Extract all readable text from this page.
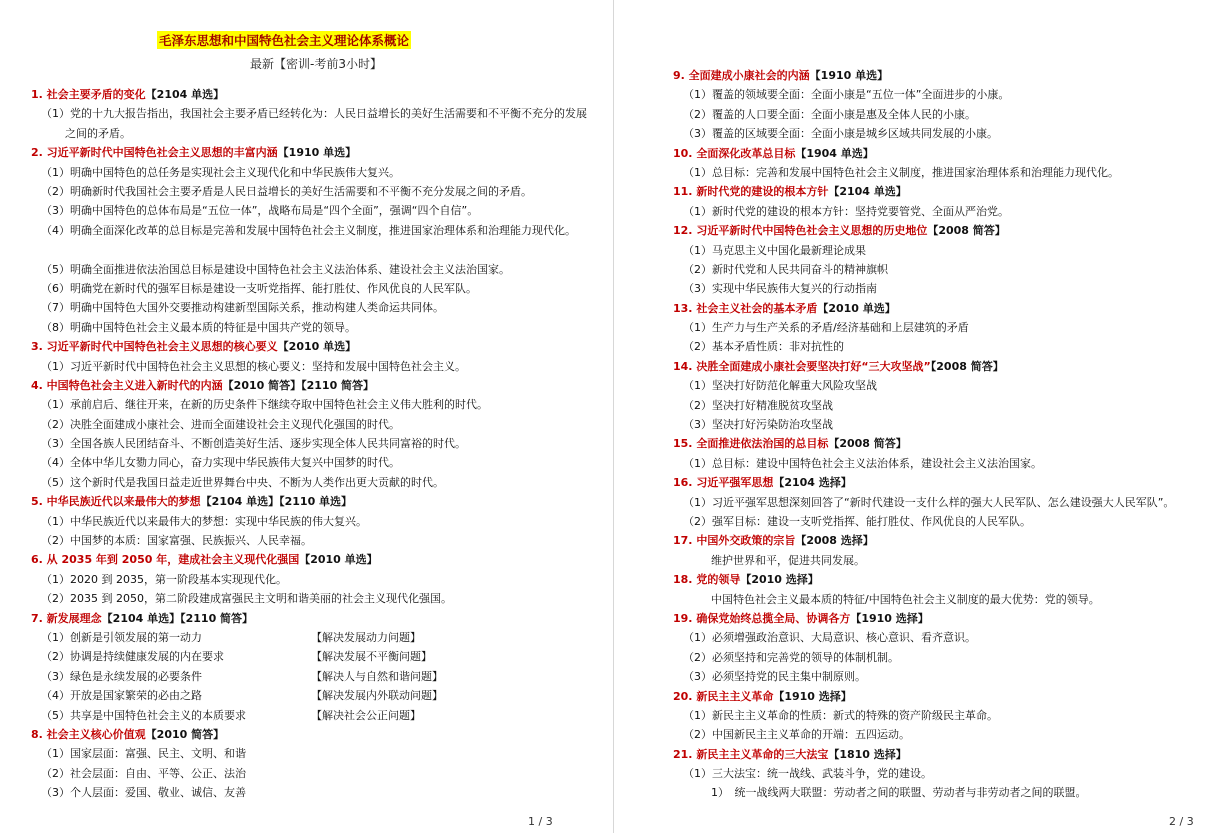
毛泽东思想和中国特色社会主义理论体系概论
最新【密训-考前3小时】
1. 社会主要矛盾的变化【2104 单选】
（1）党的十九大报告指出，我国社会主要矛盾已经转化为：人民日益增长的美好生活需要和不平衡不充分的发展之间的矛盾。
2. 习近平新时代中国特色社会主义思想的丰富内涵【1910 单选】
（1）明确中国特色的总任务是实现社会主义现代化和中华民族伟大复兴。
（2）明确新时代我国社会主要矛盾是人民日益增长的美好生活需要和不平衡不充分发展之间的矛盾。
（3）明确中国特色的总体布局是“五位一体”，战略布局是“四个全面”，强调“四个自信”。
（4）明确全面深化改革的总目标是完善和发展中国特色社会主义制度，推进国家治理体系和治理能力现代化。
（5）明确全面推进依法治国总目标是建设中国特色社会主义法治体系、建设社会主义法治国家。
（6）明确党在新时代的强军目标是建设一支听党指挥、能打胜仗、作风优良的人民军队。
（7）明确中国特色大国外交要推动构建新型国际关系，推动构建人类命运共同体。
（8）明确中国特色社会主义最本质的特征是中国共产党的领导。
3. 习近平新时代中国特色社会主义思想的核心要义【2010 单选】
（1）习近平新时代中国特色社会主义思想的核心要义：坚持和发展中国特色社会主义。
4. 中国特色社会主义进入新时代的内涵【2010 简答】【2110 简答】
（1）承前启后、继往开来，在新的历史条件下继续夺取中国特色社会主义伟大胜利的时代。
（2）决胜全面建成小康社会、进而全面建设社会主义现代化强国的时代。
（3）全国各族人民团结奋斗、不断创造美好生活、逐步实现全体人民共同富裕的时代。
（4）全体中华儿女勠力同心，奋力实现中华民族伟大复兴中国梦的时代。
（5）这个新时代是我国日益走近世界舞台中央、不断为人类作出更大贡献的时代。
5. 中华民族近代以来最伟大的梦想【2104 单选】【2110 单选】
（1）中华民族近代以来最伟大的梦想：实现中华民族的伟大复兴。
（2）中国梦的本质：国家富强、民族振兴、人民幸福。
6. 从 2035 年到 2050 年，建成社会主义现代化强国【2010 单选】
（1）2020 到 2035，第一阶段基本实现现代化。
（2）2035 到 2050，第二阶段建成富强民主文明和谐美丽的社会主义现代化强国。
7. 新发展理念【2104 单选】【2110 简答】
（1）创新是引领发展的第一动力	【解决发展动力问题】
（2）协调是持续健康发展的内在要求	【解决发展不平衡问题】
（3）绿色是永续发展的必要条件	【解决人与自然和谐问题】
（4）开放是国家繁荣的必由之路	【解决发展内外联动问题】
（5）共享是中国特色社会主义的本质要求	【解决社会公正问题】
8. 社会主义核心价值观【2010 简答】
（1）国家层面：富强、民主、文明、和谐
（2）社会层面：自由、平等、公正、法治
（3）个人层面：爱国、敬业、诚信、友善
1 / 3
9. 全面建成小康社会的内涵【1910 单选】
（1）覆盖的领域要全面：全面小康是“五位一体”全面进步的小康。
（2）覆盖的人口要全面：全面小康是惠及全体人民的小康。
（3）覆盖的区域要全面：全面小康是城乡区域共同发展的小康。
10. 全面深化改革总目标【1904 单选】
（1）总目标：完善和发展中国特色社会主义制度，推进国家治理体系和治理能力现代化。
11. 新时代党的建设的根本方针【2104 单选】
（1）新时代党的建设的根本方针：坚持党要管党、全面从严治党。
12. 习近平新时代中国特色社会主义思想的历史地位【2008 简答】
（1）马克思主义中国化最新理论成果
（2）新时代党和人民共同奋斗的精神旗帜
（3）实现中华民族伟大复兴的行动指南
13. 社会主义社会的基本矛盾【2010 单选】
（1）生产力与生产关系的矛盾/经济基础和上层建筑的矛盾
（2）基本矛盾性质：非对抗性的
14. 决胜全面建成小康社会要坚决打好“三大攻坚战”【2008 简答】
（1）坚决打好防范化解重大风险攻坚战
（2）坚决打好精准脱贫攻坚战
（3）坚决打好污染防治攻坚战
15. 全面推进依法治国的总目标【2008 简答】
（1）总目标：建设中国特色社会主义法治体系，建设社会主义法治国家。
16. 习近平强军思想【2104 选择】
（1）习近平强军思想深刻回答了“新时代建设一支什么样的强大人民军队、怎么建设强大人民军队”。
（2）强军目标：建设一支听党指挥、能打胜仗、作风优良的人民军队。
17. 中国外交政策的宗旨【2008 选择】
维护世界和平，促进共同发展。
18. 党的领导【2010 选择】
中国特色社会主义最本质的特征/中国特色社会主义制度的最大优势：党的领导。
19. 确保党始终总揽全局、协调各方【1910 选择】
（1）必须增强政治意识、大局意识、核心意识、看齐意识。
（2）必须坚持和完善党的领导的体制机制。
（3）必须坚持党的民主集中制原则。
20. 新民主主义革命【1910 选择】
（1）新民主主义革命的性质：新式的特殊的资产阶级民主革命。
（2）中国新民主主义革命的开端：五四运动。
21. 新民主主义革命的三大法宝【1810 选择】
（1）三大法宝：统一战线、武装斗争，党的建设。
1）　统一战线两大联盟：劳动者之间的联盟、劳动者与非劳动者之间的联盟。
2 / 3
